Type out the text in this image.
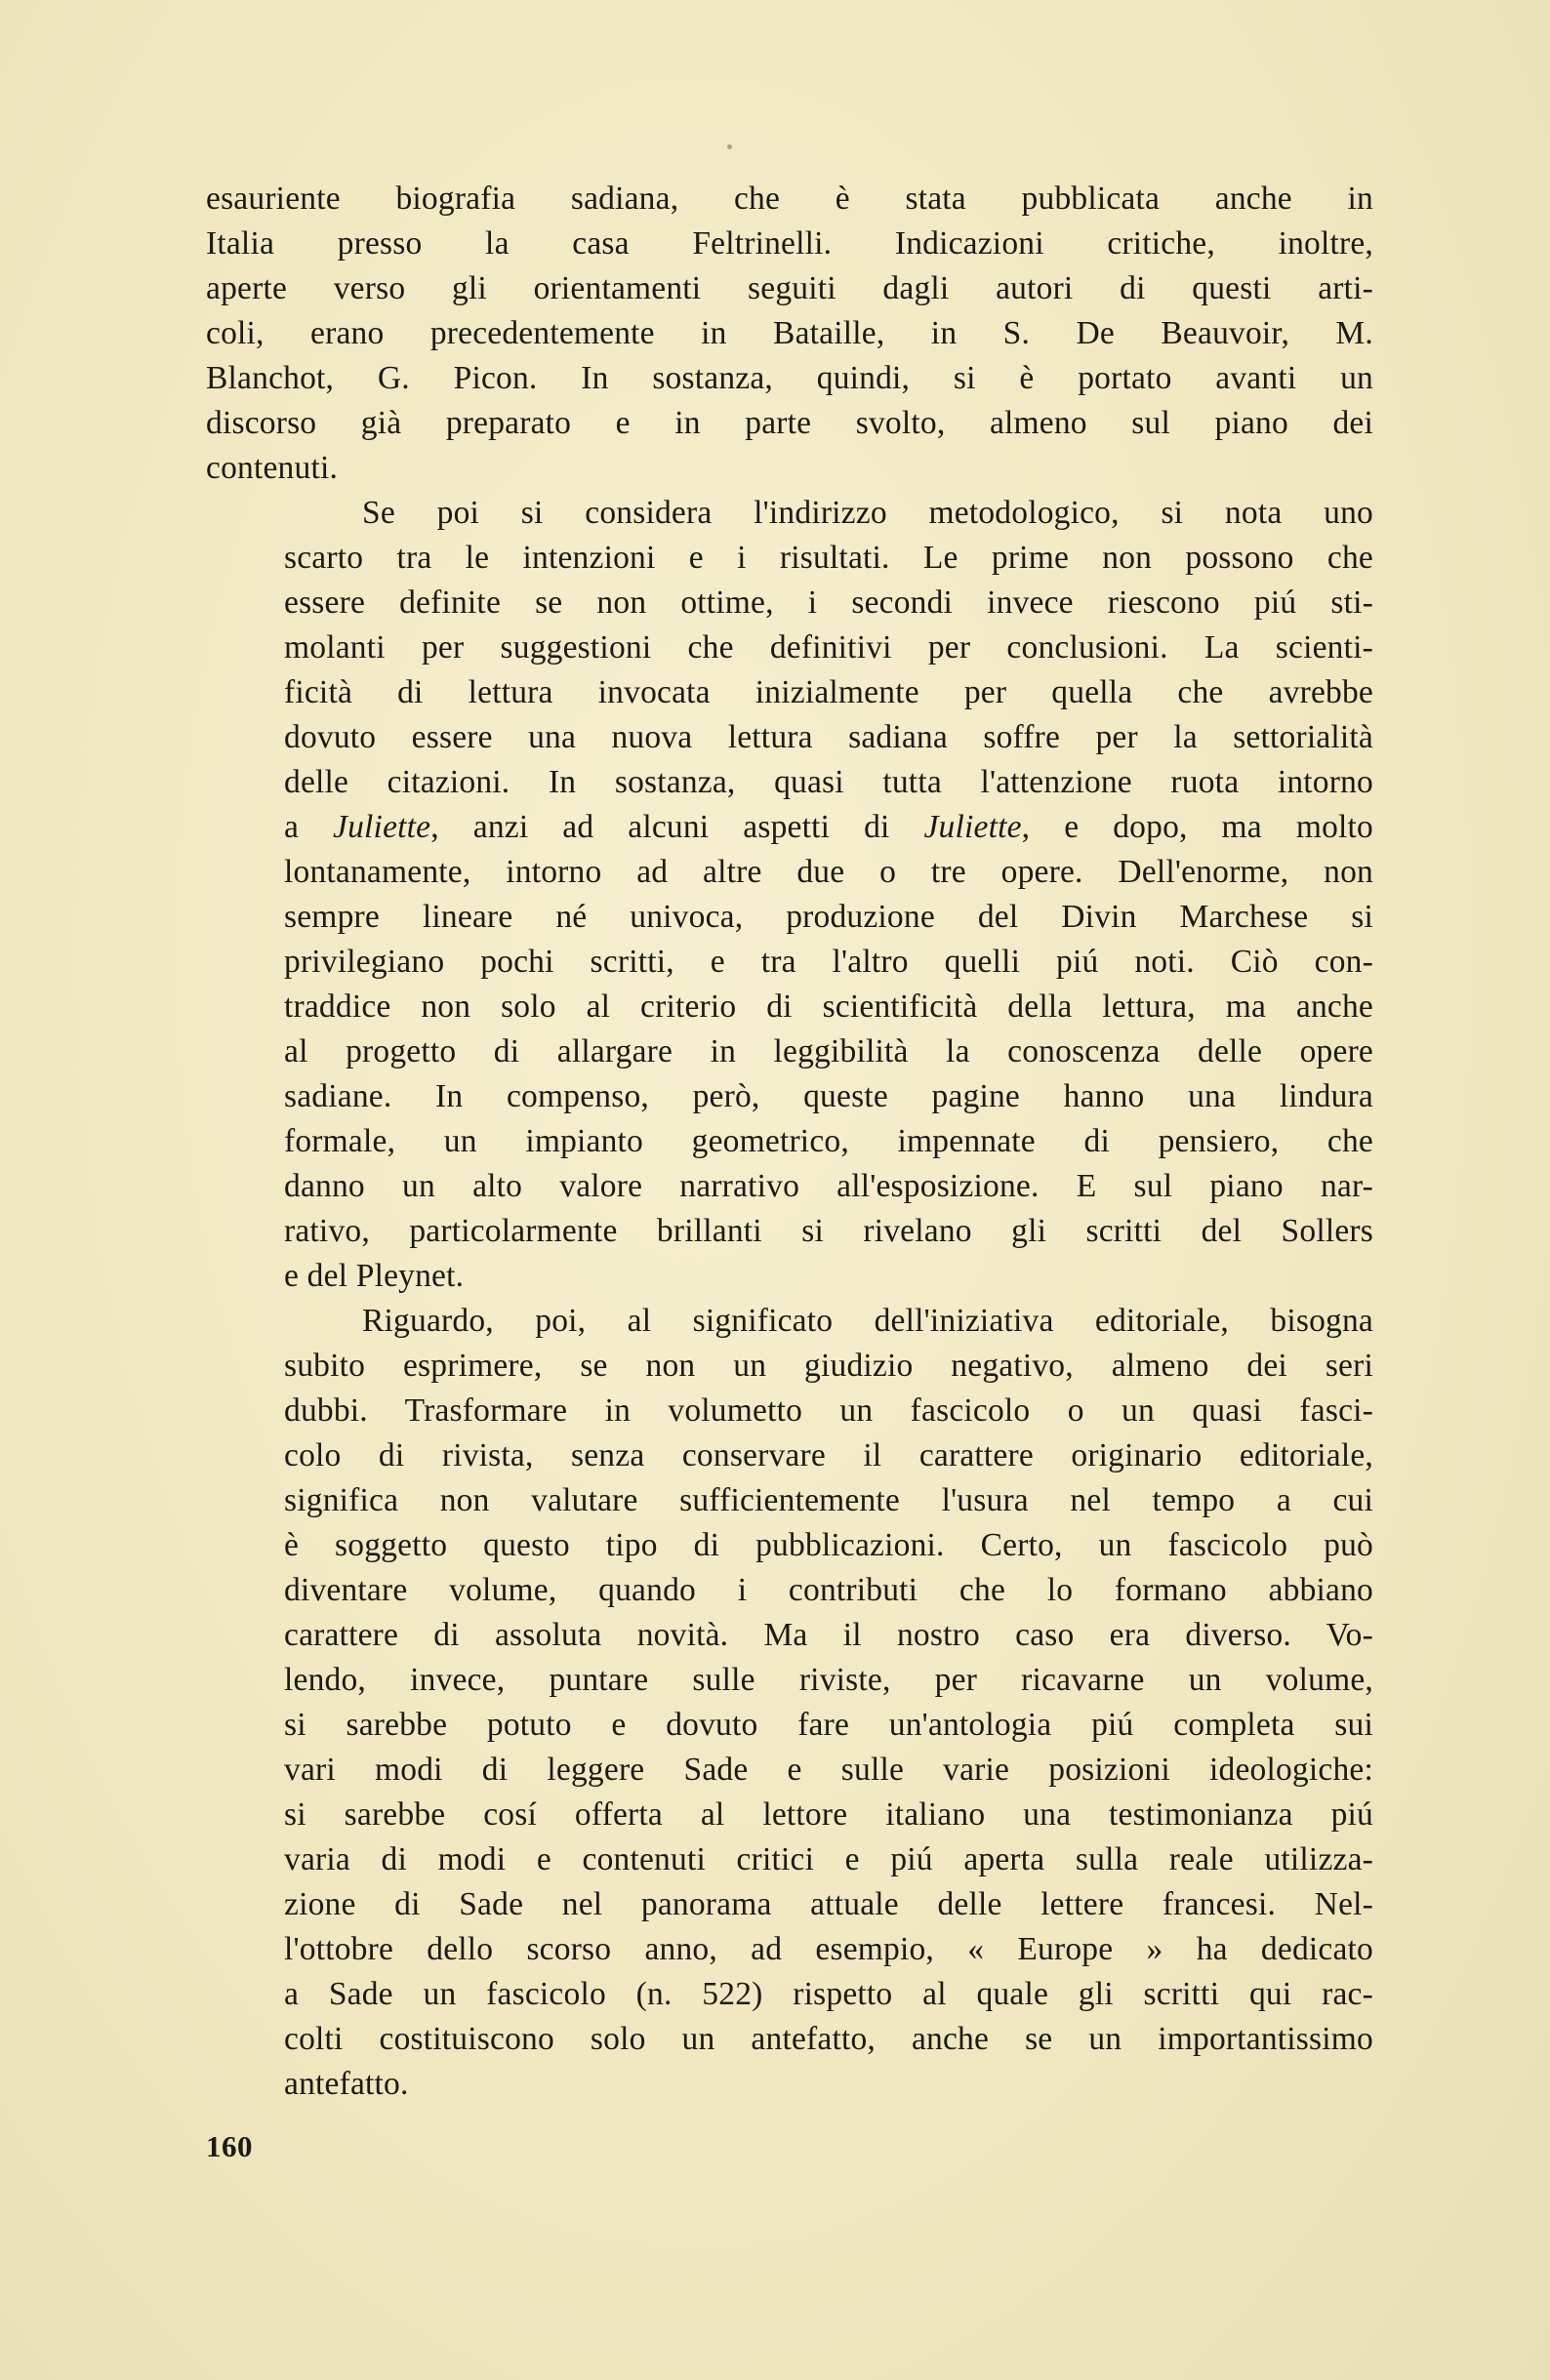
esauriente biografia sadiana, che è stata pubblicata anche in
Italia presso la casa Feltrinelli. Indicazioni critiche, inoltre,
aperte verso gli orientamenti seguiti dagli autori di questi arti-
coli, erano precedentemente in Bataille, in S. De Beauvoir, M.
Blanchot, G. Picon. In sostanza, quindi, si è portato avanti un
discorso già preparato e in parte svolto, almeno sul piano dei
contenuti.

Se poi si considera l'indirizzo metodologico, si nota uno
scarto tra le intenzioni e i risultati. Le prime non possono che
essere definite se non ottime, i secondi invece riescono piú sti-
molanti per suggestioni che definitivi per conclusioni. La scienti-
ficità di lettura invocata inizialmente per quella che avrebbe
dovuto essere una nuova lettura sadiana soffre per la settorialità
delle citazioni. In sostanza, quasi tutta l'attenzione ruota intorno
a Juliette, anzi ad alcuni aspetti di Juliette, e dopo, ma molto
lontanamente, intorno ad altre due o tre opere. Dell'enorme, non
sempre lineare né univoca, produzione del Divin Marchese si
privilegiano pochi scritti, e tra l'altro quelli piú noti. Ciò con-
traddice non solo al criterio di scientificità della lettura, ma anche
al progetto di allargare in leggibilità la conoscenza delle opere
sadiane. In compenso, però, queste pagine hanno una lindura
formale, un impianto geometrico, impennate di pensiero, che
danno un alto valore narrativo all'esposizione. E sul piano nar-
rativo, particolarmente brillanti si rivelano gli scritti del Sollers
e del Pleynet.

Riguardo, poi, al significato dell'iniziativa editoriale, bisogna
subito esprimere, se non un giudizio negativo, almeno dei seri
dubbi. Trasformare in volumetto un fascicolo o un quasi fasci-
colo di rivista, senza conservare il carattere originario editoriale,
significa non valutare sufficientemente l'usura nel tempo a cui
è soggetto questo tipo di pubblicazioni. Certo, un fascicolo può
diventare volume, quando i contributi che lo formano abbiano
carattere di assoluta novità. Ma il nostro caso era diverso. Vo-
lendo, invece, puntare sulle riviste, per ricavarne un volume,
si sarebbe potuto e dovuto fare un'antologia piú completa sui
vari modi di leggere Sade e sulle varie posizioni ideologiche:
si sarebbe cosí offerta al lettore italiano una testimonianza piú
varia di modi e contenuti critici e piú aperta sulla reale utilizza-
zione di Sade nel panorama attuale delle lettere francesi. Nel-
l'ottobre dello scorso anno, ad esempio, « Europe » ha dedicato
a Sade un fascicolo (n. 522) rispetto al quale gli scritti qui rac-
colti costituiscono solo un antefatto, anche se un importantissimo
antefatto.

160
